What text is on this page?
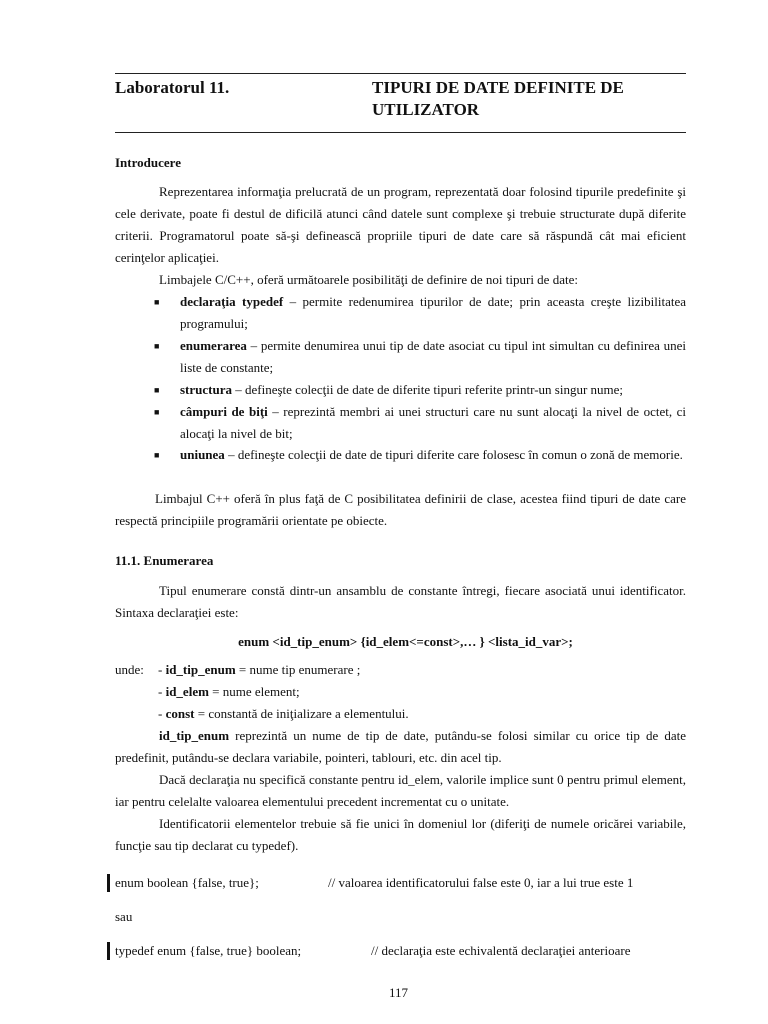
Laboratorul 11.	TIPURI DE DATE DEFINITE DE
UTILIZATOR
Introducere

Reprezentarea informaţia prelucrată de un program, reprezentată doar folosind tipurile predefinite şi cele derivate, poate fi destul de dificilă atunci când datele sunt complexe şi trebuie structurate după diferite criterii. Programatorul poate să-şi definească propriile tipuri de date care să răspundă cât mai eficient cerinţelor aplicaţiei.

Limbajele C/C++, oferă următoarele posibilităţi de definire de noi tipuri de date:

■ declaraţia typedef – permite redenumirea tipurilor de date; prin aceasta creşte lizibilitatea programului;
■ enumerarea – permite denumirea unui tip de date asociat cu tipul int simultan cu definirea unei liste de constante;
■ structura – defineşte colecţii de date de diferite tipuri referite printr-un singur nume;
■ câmpuri de biţi – reprezintă membri ai unei structuri care nu sunt alocaţi la nivel de octet, ci alocaţi la nivel de bit;
■ uniunea – defineşte colecţii de date de tipuri diferite care folosesc în comun o zonă de memorie.

Limbajul C++ oferă în plus faţă de C posibilitatea definirii de clase, acestea fiind tipuri de date care respectă principiile programării orientate pe obiecte.

11.1. Enumerarea

Tipul enumerare constă dintr-un ansamblu de constante întregi, fiecare asociată unui identificator. Sintaxa declaraţiei este:

enum <id_tip_enum> {id_elem<=const>,… } <lista_id_var>;
unde: - id_tip_enum = nume tip enumerare ;
- id_elem = nume element;
- const = constantă de iniţializare a elementului.

id_tip_enum reprezintă un nume de tip de date, putându-se folosi similar cu orice tip de date predefinit, putându-se declara variabile, pointeri, tablouri, etc. din acel tip.

Dacă declaraţia nu specifică constante pentru id_elem, valorile implice sunt 0 pentru primul element, iar pentru celelalte valoarea elementului precedent incrementat cu o unitate.

Identificatorii elementelor trebuie să fie unici în domeniul lor (diferiţi de numele oricărei variabile, funcţie sau tip declarat cu typedef).

enum boolean {false, true};	// valoarea identificatorului false este 0, iar a lui true este 1
sau
typedef enum {false, true} boolean;	// declaraţia este echivalentă declaraţiei anterioare
117
